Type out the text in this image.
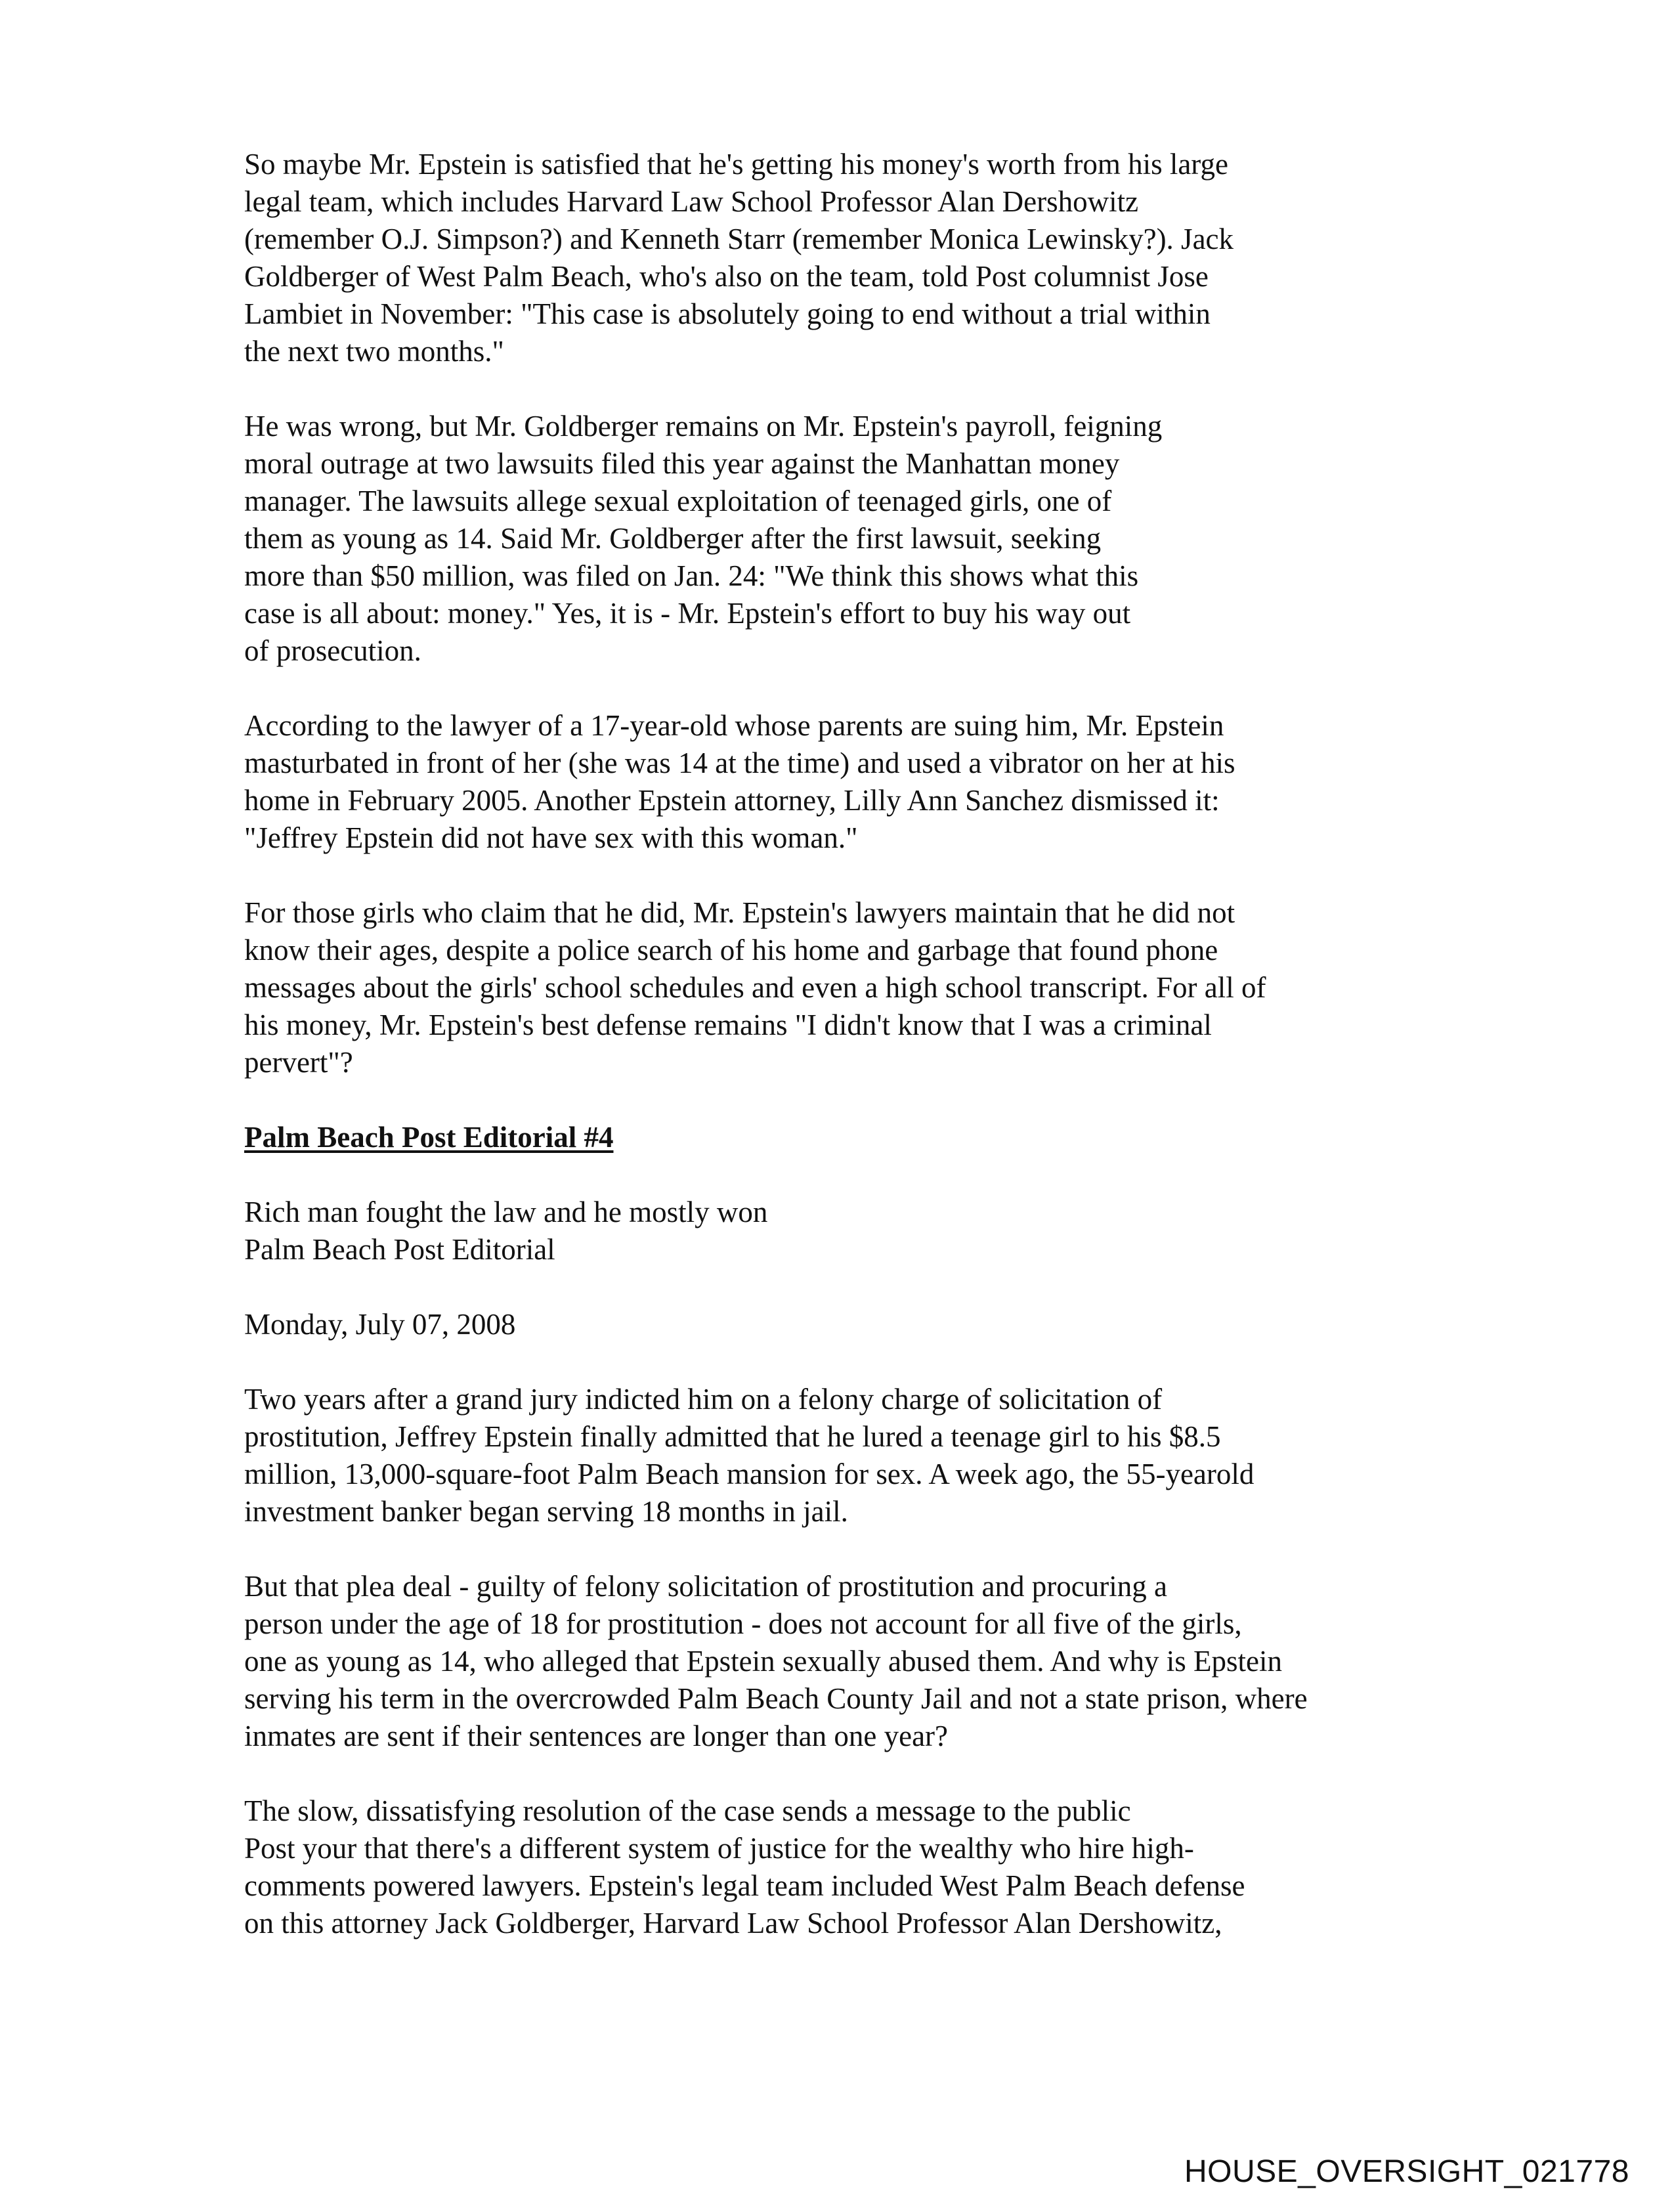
So maybe Mr. Epstein is satisfied that he's getting his money's worth from his large
legal team, which includes Harvard Law School Professor Alan Dershowitz
(remember O.J. Simpson?) and Kenneth Starr (remember Monica Lewinsky?). Jack
Goldberger of West Palm Beach, who's also on the team, told Post columnist Jose
Lambiet in November: "This case is absolutely going to end without a trial within
the next two months."

He was wrong, but Mr. Goldberger remains on Mr. Epstein's payroll, feigning
moral outrage at two lawsuits filed this year against the Manhattan money
manager. The lawsuits allege sexual exploitation of teenaged girls, one of
them as young as 14. Said Mr. Goldberger after the first lawsuit, seeking
more than $50 million, was filed on Jan. 24: "We think this shows what this
case is all about: money." Yes, it is - Mr. Epstein's effort to buy his way out
of prosecution.

According to the lawyer of a 17-year-old whose parents are suing him, Mr. Epstein
masturbated in front of her (she was 14 at the time) and used a vibrator on her at his
home in February 2005. Another Epstein attorney, Lilly Ann Sanchez dismissed it:
"Jeffrey Epstein did not have sex with this woman."

For those girls who claim that he did, Mr. Epstein's lawyers maintain that he did not
know their ages, despite a police search of his home and garbage that found phone
messages about the girls' school schedules and even a high school transcript. For all of
his money, Mr. Epstein's best defense remains "I didn't know that I was a criminal
pervert"?

Palm Beach Post Editorial #4

Rich man fought the law and he mostly won
Palm Beach Post Editorial

Monday, July 07, 2008

Two years after a grand jury indicted him on a felony charge of solicitation of
prostitution, Jeffrey Epstein finally admitted that he lured a teenage girl to his $8.5
million, 13,000-square-foot Palm Beach mansion for sex. A week ago, the 55-yearold
investment banker began serving 18 months in jail.

But that plea deal - guilty of felony solicitation of prostitution and procuring a
person under the age of 18 for prostitution - does not account for all five of the girls,
one as young as 14, who alleged that Epstein sexually abused them. And why is Epstein
serving his term in the overcrowded Palm Beach County Jail and not a state prison, where
inmates are sent if their sentences are longer than one year?

The slow, dissatisfying resolution of the case sends a message to the public
Post your that there's a different system of justice for the wealthy who hire high-
comments powered lawyers. Epstein's legal team included West Palm Beach defense
on this attorney Jack Goldberger, Harvard Law School Professor Alan Dershowitz,

HOUSE_OVERSIGHT_021778
